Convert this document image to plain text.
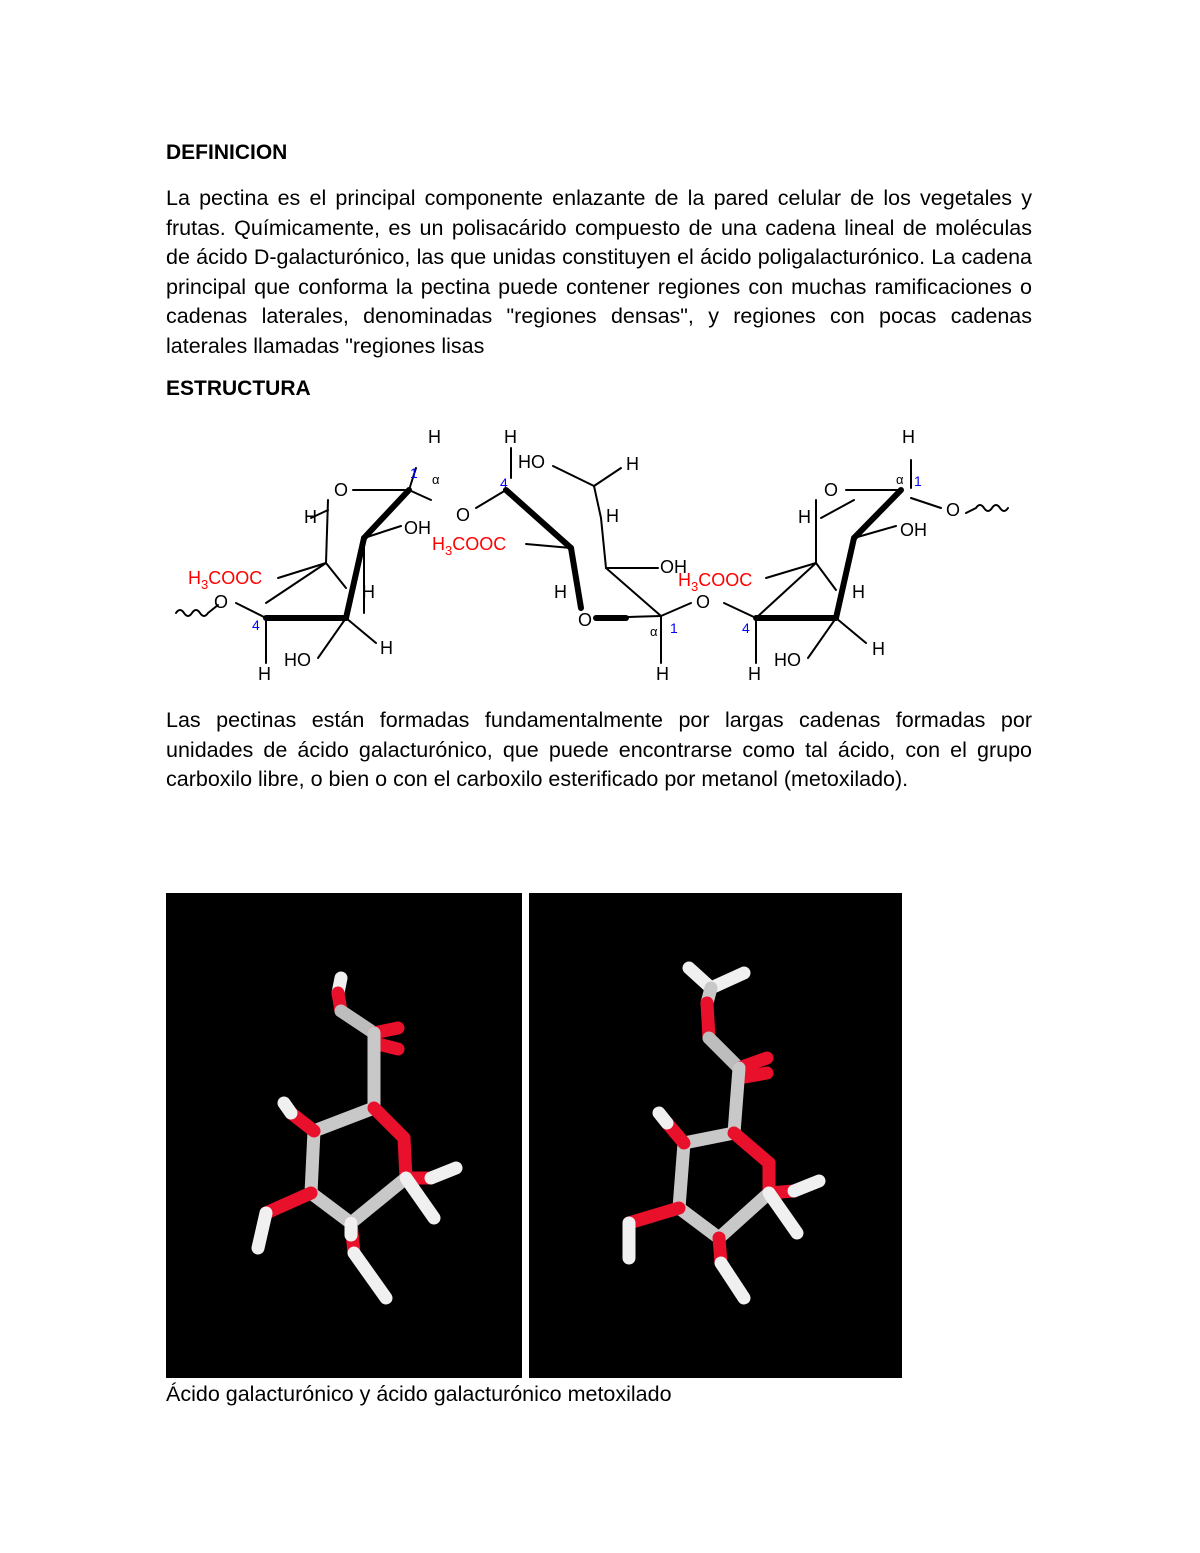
DEFINICION

La pectina es el principal componente enlazante de la pared celular de los vegetales y frutas. Químicamente, es un polisacárido compuesto de una cadena lineal de moléculas de ácido D-galacturónico, las que unidas constituyen el ácido poligalacturónico. La cadena principal que conforma la pectina puede contener regiones con muchas ramificaciones o cadenas laterales, denominadas "regiones densas", y regiones con pocas cadenas laterales llamadas "regiones lisas

ESTRUCTURA
O
H
O
H
OH
H
O
H
HO
H
H
HO	H
H
OH
H
O
O
H
H
O
O
H
OH
H
H
HO
H
α
α
α
1
4
4
1
1
4
$H_3COOC$
$H_3COOC$
$H_3COOC$

Las pectinas están formadas fundamentalmente por largas cadenas formadas por unidades de ácido galacturónico, que puede encontrarse como tal ácido, con el grupo carboxilo libre, o bien o con el carboxilo esterificado por metanol (metoxilado).

Ácido galacturónico y ácido galacturónico metoxilado
